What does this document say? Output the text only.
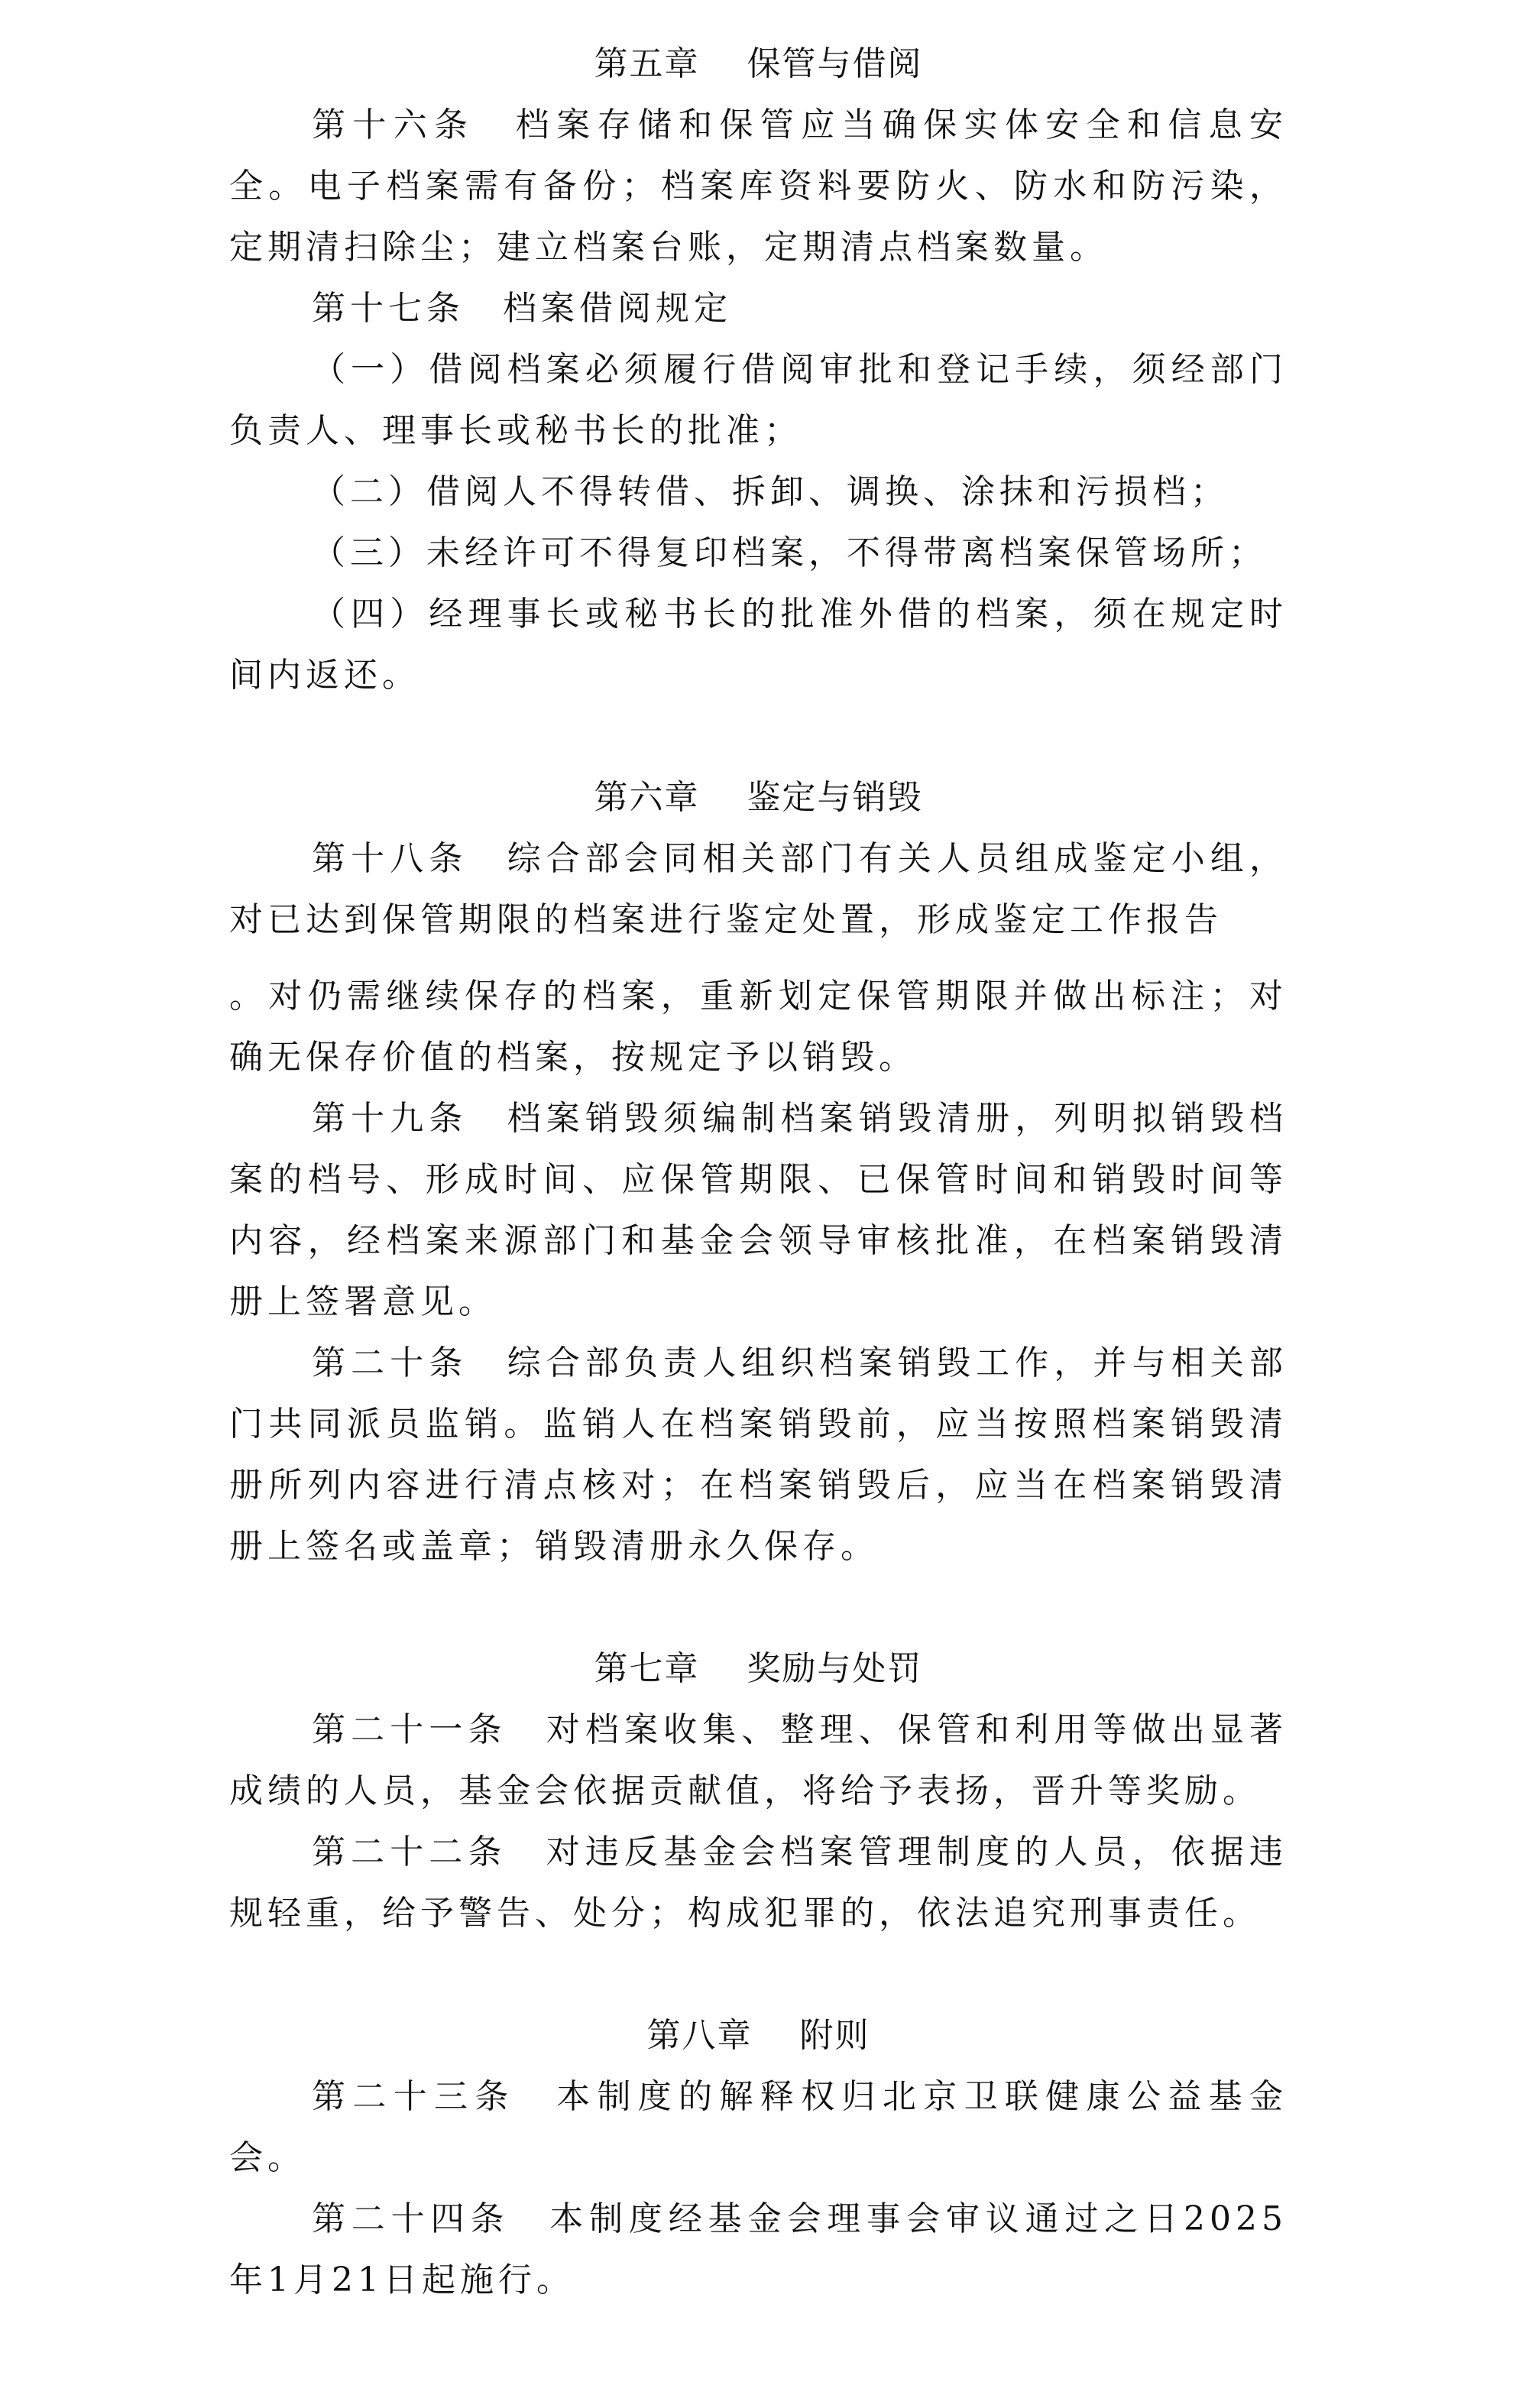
第五章　 保管与借阅

第十六条　 档案存储和保管应当确保实体安全和信息安全。电子档案需有备份；档案库资料要防火、防水和防污染，定期清扫除尘；建立档案台账，定期清点档案数量。

第十七条　 档案借阅规定

（一）借阅档案必须履行借阅审批和登记手续，须经部门负责人、理事长或秘书长的批准；

（二）借阅人不得转借、拆卸、调换、涂抹和污损档；

（三）未经许可不得复印档案，不得带离档案保管场所；

（四）经理事长或秘书长的批准外借的档案，须在规定时间内返还。

第六章　 鉴定与销毁

第十八条　 综合部会同相关部门有关人员组成鉴定小组，对已达到保管期限的档案进行鉴定处置，形成鉴定工作报告

。对仍需继续保存的档案，重新划定保管期限并做出标注；对确无保存价值的档案，按规定予以销毁。

第十九条　 档案销毁须编制档案销毁清册，列明拟销毁档案的档号、形成时间、应保管期限、已保管时间和销毁时间等内容，经档案来源部门和基金会领导审核批准，在档案销毁清册上签署意见。

第二十条　 综合部负责人组织档案销毁工作，并与相关部门共同派员监销。监销人在档案销毁前，应当按照档案销毁清册所列内容进行清点核对；在档案销毁后，应当在档案销毁清册上签名或盖章；销毁清册永久保存。

第七章　 奖励与处罚

第二十一条　 对档案收集、整理、保管和利用等做出显著成绩的人员，基金会依据贡献值，将给予表扬，晋升等奖励。

第二十二条　 对违反基金会档案管理制度的人员，依据违规轻重，给予警告、处分；构成犯罪的，依法追究刑事责任。

第八章　 附则

第二十三条　 本制度的解释权归北京卫联健康公益基金会。

第二十四条　 本制度经基金会理事会审议通过之日2025年1月21日起施行。
